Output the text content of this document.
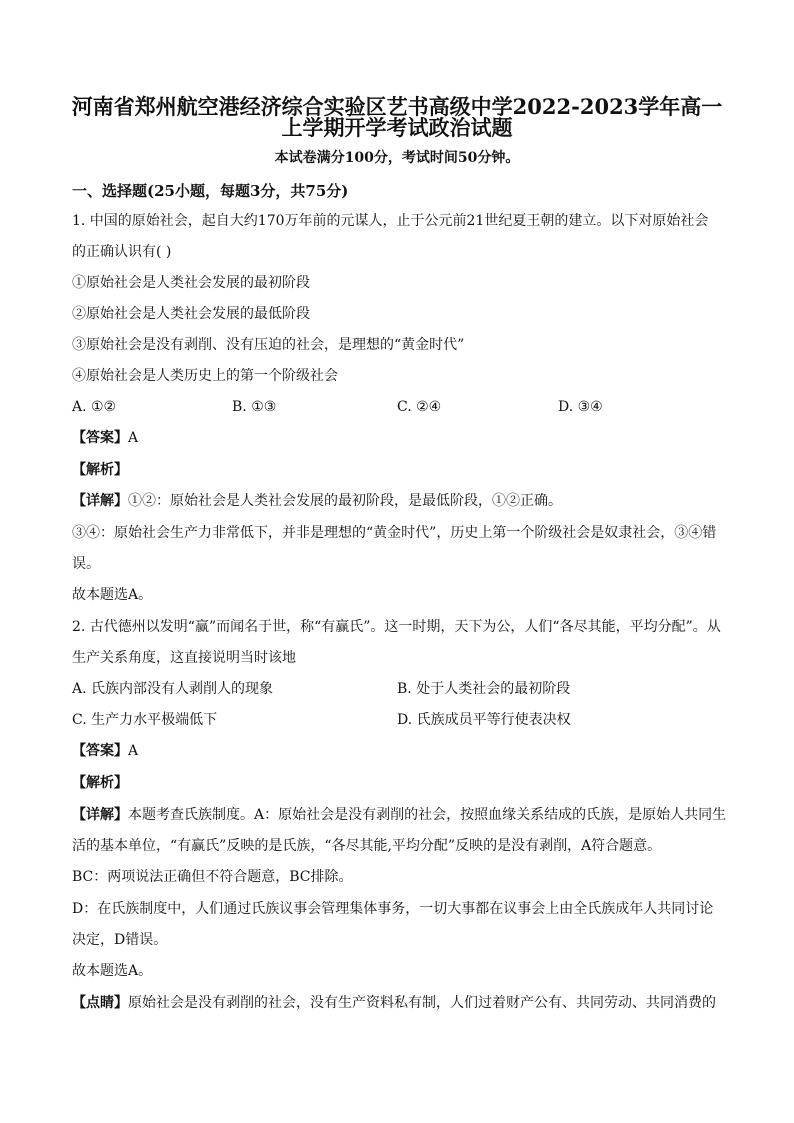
河南省郑州航空港经济综合实验区艺书高级中学2022-2023学年高一
上学期开学考试政治试题
本试卷满分100分，考试时间50分钟。
一、选择题(25小题，每题3分，共75分)
1. 中国的原始社会，起自大约170万年前的元谋人，止于公元前21世纪夏王朝的建立。以下对原始社会
的正确认识有( )
①原始社会是人类社会发展的最初阶段
②原始社会是人类社会发展的最低阶段
③原始社会是没有剥削、没有压迫的社会，是理想的“黄金时代”
④原始社会是人类历史上的第一个阶级社会
A. ①②	B. ①③	C. ②④	D. ③④
【答案】A
【解析】
【详解】①②：原始社会是人类社会发展的最初阶段，是最低阶段，①②正确。
③④：原始社会生产力非常低下，并非是理想的“黄金时代”，历史上第一个阶级社会是奴隶社会，③④错
误。
故本题选A。
2. 古代德州以发明“赢”而闻名于世，称“有赢氏”。这一时期，天下为公，人们“各尽其能，平均分配”。从
生产关系角度，这直接说明当时该地
A. 氏族内部没有人剥削人的现象	B. 处于人类社会的最初阶段
C. 生产力水平极端低下	D. 氏族成员平等行使表决权
【答案】A
【解析】
【详解】本题考查氏族制度。A：原始社会是没有剥削的社会，按照血缘关系结成的氏族，是原始人共同生
活的基本单位，“有赢氏”反映的是氏族，“各尽其能,平均分配”反映的是没有剥削，A符合题意。
BC：两项说法正确但不符合题意，BC排除。
D：在氏族制度中，人们通过氏族议事会管理集体事务，一切大事都在议事会上由全氏族成年人共同讨论
决定，D错误。
故本题选A。
【点睛】原始社会是没有剥削的社会，没有生产资料私有制，人们过着财产公有、共同劳动、共同消费的
